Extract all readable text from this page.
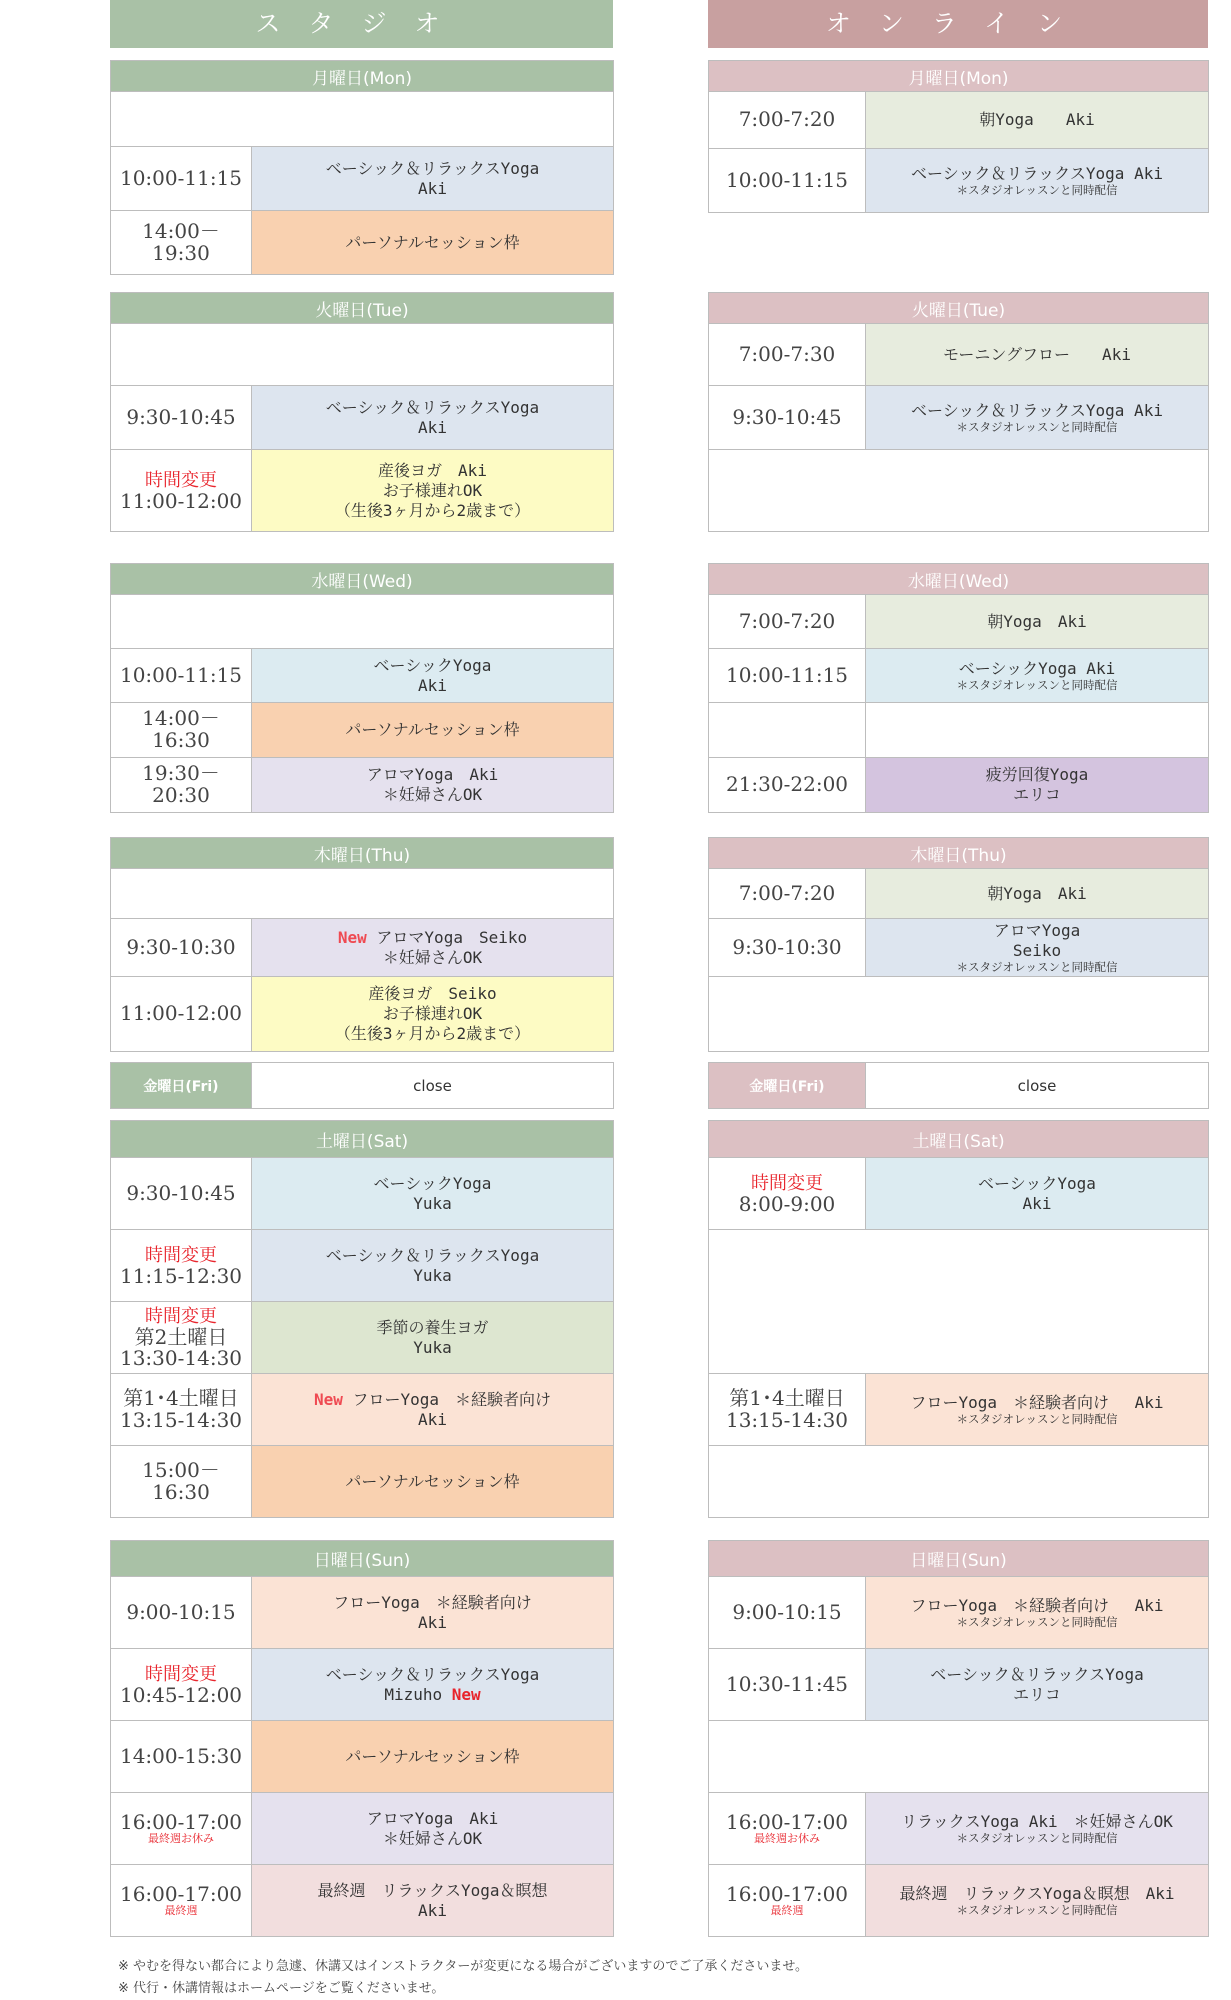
スタジオ	オンライン
月曜日(Mon)	

10:00-11:15	ベーシック＆リラックスYoga
Aki
14:00－19:30	パーソナルセッション枠
火曜日(Tue)	

9:30-10:45	ベーシック＆リラックスYoga
Aki
時間変更
11:00-12:00	産後ヨガ　Aki
お子様連れOK
（生後3ヶ月から2歳まで）
水曜日(Wed)	

10:00-11:15	ベーシックYoga
Aki
14:00－16:30	パーソナルセッション枠
19:30－20:30	アロマYoga　Aki
＊妊婦さんOK
木曜日(Thu)	

9:30-10:30	New アロマYoga　Seiko
＊妊婦さんOK
11:00-12:00	産後ヨガ　Seiko
お子様連れOK
（生後3ヶ月から2歳まで）
金曜日(Fri)	close
土曜日(Sat)	
9:30-10:45	ベーシックYoga
Yuka
時間変更
11:15-12:30	ベーシック＆リラックスYoga
Yuka
時間変更
第2土曜日
13:30-14:30	季節の養生ヨガ
Yuka
第1･4土曜日
13:15-14:30	New フローYoga　＊経験者向け
Aki
15:00－16:30	パーソナルセッション枠
日曜日(Sun)	
9:00-10:15	フローYoga　＊経験者向け
Aki
時間変更
10:45-12:00	ベーシック＆リラックスYoga
Mizuho New
14:00-15:30	パーソナルセッション枠
16:00-17:00
最終週お休み	アロマYoga　Aki
＊妊婦さんOK
16:00-17:00
最終週	最終週　リラックスYoga＆瞑想
Aki
月曜日(Mon)	
7:00-7:20	朝Yoga　　Aki
10:00-11:15	ベーシック＆リラックスYoga Aki
＊スタジオレッスンと同時配信
火曜日(Tue)	
7:00-7:30	モーニングフロー　　Aki
9:30-10:45	ベーシック＆リラックスYoga Aki
＊スタジオレッスンと同時配信

水曜日(Wed)	
7:00-7:20	朝Yoga　Aki
10:00-11:15	ベーシックYoga Aki
＊スタジオレッスンと同時配信

21:30-22:00	疲労回復Yoga
エリコ
木曜日(Thu)	
7:00-7:20	朝Yoga　Aki
9:30-10:30	アロマYoga
Seiko
＊スタジオレッスンと同時配信

金曜日(Fri)	close
土曜日(Sat)	
時間変更
8:00-9:00	ベーシックYoga
Aki

第1･4土曜日
13:15-14:30	フローYoga　＊経験者向け　 Aki
＊スタジオレッスンと同時配信

日曜日(Sun)	
9:00-10:15	フローYoga　＊経験者向け　 Aki
＊スタジオレッスンと同時配信

10:30-11:45	ベーシック＆リラックスYoga
エリコ

16:00-17:00
最終週お休み	リラックスYoga Aki　＊妊婦さんOK
＊スタジオレッスンと同時配信

16:00-17:00
最終週	最終週　リラックスYoga＆瞑想　Aki
＊スタジオレッスンと同時配信
※ やむを得ない都合により急遽、休講又はインストラクターが変更になる場合がございますのでご了承くださいませ。
※ 代行・休講情報はホームページをご覧くださいませ。
